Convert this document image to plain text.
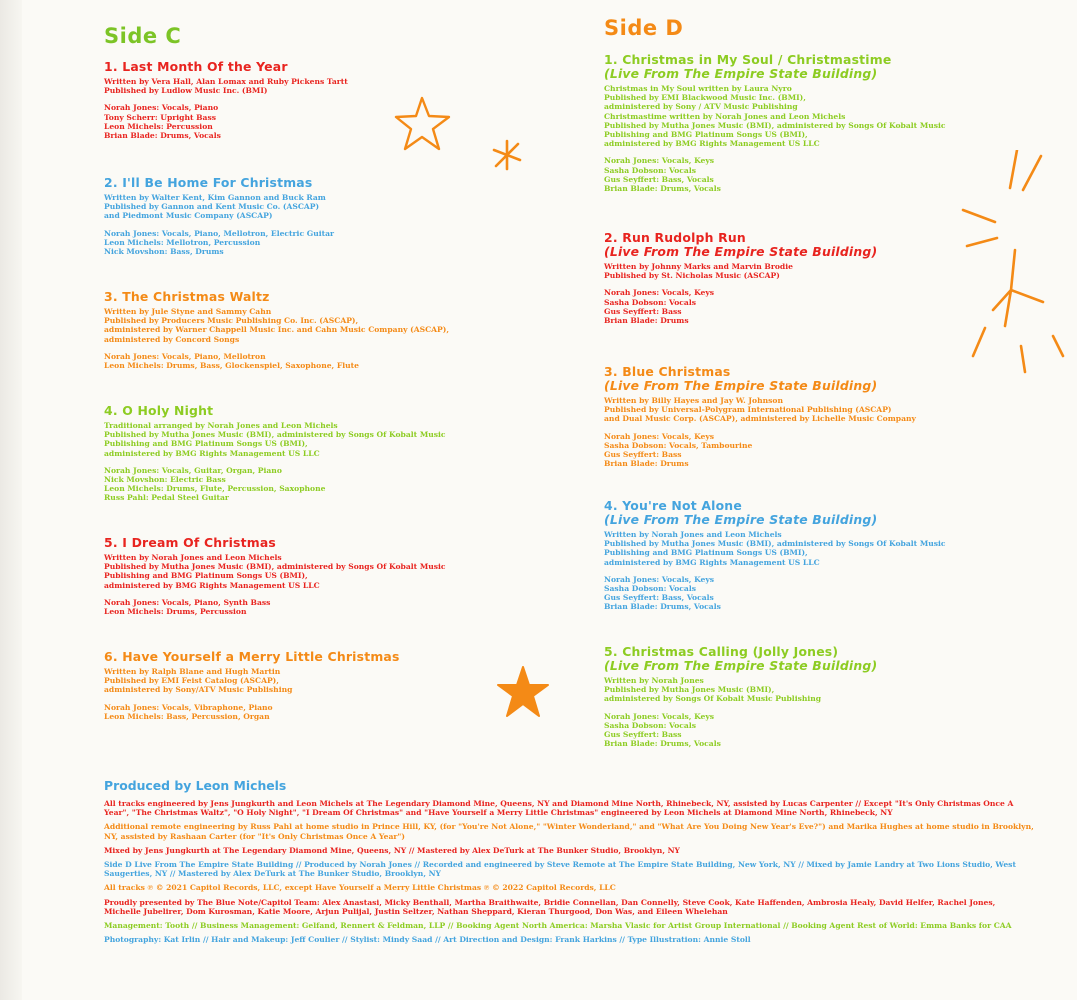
Side C	Side D

1. Last Month Of the Year

Written by Vera Hall, Alan Lomax and Ruby Pickens Tartt

Published by Ludlow Music Inc. (BMI)

Norah Jones: Vocals, Piano

Tony Scherr: Upright Bass

Leon Michels: Percussion

Brian Blade: Drums, Vocals

2. I'll Be Home For Christmas

Written by Walter Kent, Kim Gannon and Buck Ram

Published by Gannon and Kent Music Co. (ASCAP)

and Piedmont Music Company (ASCAP)

Norah Jones: Vocals, Piano, Mellotron, Electric Guitar

Leon Michels: Mellotron, Percussion

Nick Movshon: Bass, Drums

3. The Christmas Waltz

Written by Jule Styne and Sammy Cahn

Published by Producers Music Publishing Co. Inc. (ASCAP),

administered by Warner Chappell Music Inc. and Cahn Music Company (ASCAP),

administered by Concord Songs

Norah Jones: Vocals, Piano, Mellotron

Leon Michels: Drums, Bass, Glockenspiel, Saxophone, Flute

4. O Holy Night

Traditional arranged by Norah Jones and Leon Michels

Published by Mutha Jones Music (BMI), administered by Songs Of Kobalt Music

Publishing and BMG Platinum Songs US (BMI),

administered by BMG Rights Management US LLC

Norah Jones: Vocals, Guitar, Organ, Piano

Nick Movshon: Electric Bass

Leon Michels: Drums, Flute, Percussion, Saxophone

Russ Pahl: Pedal Steel Guitar

5. I Dream Of Christmas

Written by Norah Jones and Leon Michels

Published by Mutha Jones Music (BMI), administered by Songs Of Kobalt Music

Publishing and BMG Platinum Songs US (BMI),

administered by BMG Rights Management US LLC

Norah Jones: Vocals, Piano, Synth Bass

Leon Michels: Drums, Percussion

6. Have Yourself a Merry Little Christmas

Written by Ralph Blane and Hugh Martin

Published by EMI Feist Catalog (ASCAP),

administered by Sony/ATV Music Publishing

Norah Jones: Vocals, Vibraphone, Piano

Leon Michels: Bass, Percussion, Organ

1. Christmas in My Soul / Christmastime

(Live From The Empire State Building)

Christmas in My Soul written by Laura Nyro

Published by EMI Blackwood Music Inc. (BMI),

administered by Sony / ATV Music Publishing

Christmastime written by Norah Jones and Leon Michels

Published by Mutha Jones Music (BMI), administered by Songs Of Kobalt Music

Publishing and BMG Platinum Songs US (BMI),

administered by BMG Rights Management US LLC

Norah Jones: Vocals, Keys

Sasha Dobson: Vocals

Gus Seyffert: Bass, Vocals

Brian Blade: Drums, Vocals

2. Run Rudolph Run

(Live From The Empire State Building)

Written by Johnny Marks and Marvin Brodie

Published by St. Nicholas Music (ASCAP)

Norah Jones: Vocals, Keys

Sasha Dobson: Vocals

Gus Seyffert: Bass

Brian Blade: Drums

3. Blue Christmas

(Live From The Empire State Building)

Written by Billy Hayes and Jay W. Johnson

Published by Universal-Polygram International Publishing (ASCAP)

and Dual Music Corp. (ASCAP), administered by Lichelle Music Company

Norah Jones: Vocals, Keys

Sasha Dobson: Vocals, Tambourine

Gus Seyffert: Bass

Brian Blade: Drums

4. You're Not Alone

(Live From The Empire State Building)

Written by Norah Jones and Leon Michels

Published by Mutha Jones Music (BMI), administered by Songs Of Kobalt Music

Publishing and BMG Platinum Songs US (BMI),

administered by BMG Rights Management US LLC

Norah Jones: Vocals, Keys

Sasha Dobson: Vocals

Gus Seyffert: Bass, Vocals

Brian Blade: Drums, Vocals

5. Christmas Calling (Jolly Jones)

(Live From The Empire State Building)

Written by Norah Jones

Published by Mutha Jones Music (BMI),

administered by Songs Of Kobalt Music Publishing

Norah Jones: Vocals, Keys

Sasha Dobson: Vocals

Gus Seyffert: Bass

Brian Blade: Drums, Vocals

Produced by Leon Michels

All tracks engineered by Jens Jungkurth and Leon Michels at The Legendary Diamond Mine, Queens, NY and Diamond Mine North, Rhinebeck, NY, assisted by Lucas Carpenter // Except "It's Only Christmas Once A Year", "The Christmas Waltz", "O Holy Night", "I Dream Of Christmas" and "Have Yourself a Merry Little Christmas" engineered by Leon Michels at Diamond Mine North, Rhinebeck, NY

Additional remote engineering by Russ Pahl at home studio in Prince Hill, KY, (for "You're Not Alone," "Winter Wonderland," and "What Are You Doing New Year's Eve?") and Marika Hughes at home studio in Brooklyn, NY, assisted by Rashaan Carter (for "It's Only Christmas Once A Year")

Mixed by Jens Jungkurth at The Legendary Diamond Mine, Queens, NY // Mastered by Alex DeTurk at The Bunker Studio, Brooklyn, NY

Side D Live From The Empire State Building // Produced by Norah Jones // Recorded and engineered by Steve Remote at The Empire State Building, New York, NY // Mixed by Jamie Landry at Two Lions Studio, West Saugerties, NY // Mastered by Alex DeTurk at The Bunker Studio, Brooklyn, NY

All tracks ℗ © 2021 Capitol Records, LLC, except Have Yourself a Merry Little Christmas ℗ © 2022 Capitol Records, LLC

Proudly presented by The Blue Note/Capitol Team: Alex Anastasi, Micky Benthall, Martha Braithwaite, Bridie Connellan, Dan Connelly, Steve Cook, Kate Haffenden, Ambrosia Healy, David Helfer, Rachel Jones, Michelle Jubelirer, Dom Kurosman, Katie Moore, Arjun Pulijal, Justin Seltzer, Nathan Sheppard, Kieran Thurgood, Don Was, and Eileen Whelehan

Management: Tooth // Business Management: Gelfand, Rennert & Feldman, LLP // Booking Agent North America: Marsha Vlasic for Artist Group International // Booking Agent Rest of World: Emma Banks for CAA

Photography: Kat Irlin // Hair and Makeup: Jeff Coulier // Stylist: Mindy Saad // Art Direction and Design: Frank Harkins // Type Illustration: Annie Stoll
